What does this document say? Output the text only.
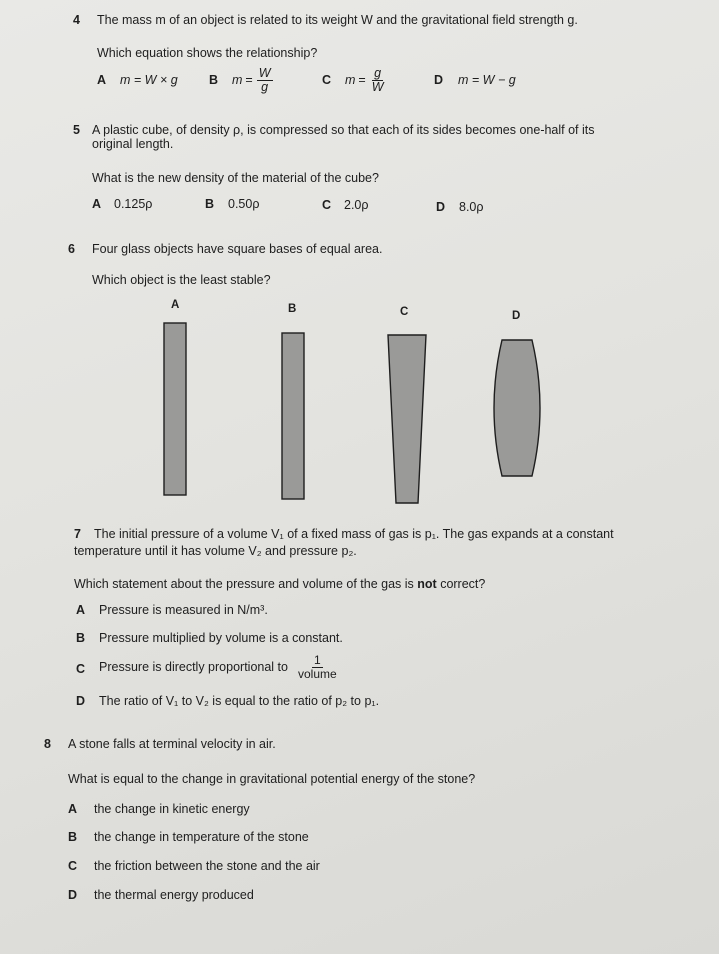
4 The mass m of an object is related to its weight W and the gravitational field strength g.
Which equation shows the relationship?
A m = W × g	B $m = \frac{W}{g}$	C $m = \frac{g}{W}$	D m = W − g
5 A plastic cube, of density ρ, is compressed so that each of its sides becomes one-half of its
original length.
What is the new density of the material of the cube?
A 0.125ρ	B 0.50ρ	C 2.0ρ	D 8.0ρ
6 Four glass objects have square bases of equal area.
Which object is the least stable?
A	B	C	D
7 The initial pressure of a volume V₁ of a fixed mass of gas is p₁. The gas expands at a constant
temperature until it has volume V₂ and pressure p₂.
Which statement about the pressure and volume of the gas is not correct?
A Pressure is measured in N/m³.
B Pressure multiplied by volume is a constant.
C Pressure is directly proportional to $\frac{1}{\text{volume}}$
D The ratio of V₁ to V₂ is equal to the ratio of p₂ to p₁.
8 A stone falls at terminal velocity in air.
What is equal to the change in gravitational potential energy of the stone?
A the change in kinetic energy
B the change in temperature of the stone
C the friction between the stone and the air
D the thermal energy produced
